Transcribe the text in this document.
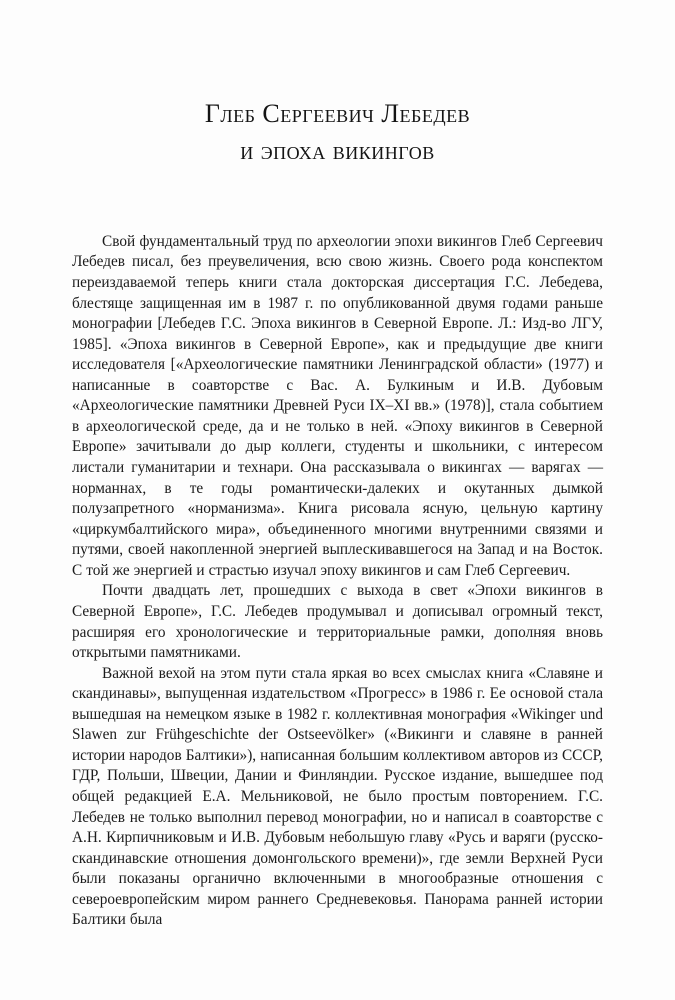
Глеб Сергеевич Лебедев
и эпоха викингов

Свой фундаментальный труд по археологии эпохи викингов Глеб Сергеевич Лебедев писал, без преувеличения, всю свою жизнь. Своего рода конспектом переиздаваемой теперь книги стала докторская диссертация Г.С. Лебедева, блестяще защищенная им в 1987 г. по опубликованной двумя годами раньше монографии [Лебедев Г.С. Эпоха викингов в Северной Европе. Л.: Изд-во ЛГУ, 1985]. «Эпоха викингов в Северной Европе», как и предыдущие две книги исследователя [«Археологические памятники Ленинградской области» (1977) и написанные в соавторстве с Вас. А. Булкиным и И.В. Дубовым «Археологические памятники Древней Руси IX–XI вв.» (1978)], стала событием в археологической среде, да и не только в ней. «Эпоху викингов в Северной Европе» зачитывали до дыр коллеги, студенты и школьники, с интересом листали гуманитарии и технари. Она рассказывала о викингах — варягах — норманнах, в те годы романтически-далеких и окутанных дымкой полузапретного «норманизма». Книга рисовала ясную, цельную картину «циркумбалтийского мира», объединенного многими внутренними связями и путями, своей накопленной энергией выплескивавшегося на Запад и на Восток. С той же энергией и страстью изучал эпоху викингов и сам Глеб Сергеевич.

Почти двадцать лет, прошедших с выхода в свет «Эпохи викингов в Северной Европе», Г.С. Лебедев продумывал и дописывал огромный текст, расширяя его хронологические и территориальные рамки, дополняя вновь открытыми памятниками.

Важной вехой на этом пути стала яркая во всех смыслах книга «Славяне и скандинавы», выпущенная издательством «Прогресс» в 1986 г. Ее основой стала вышедшая на немецком языке в 1982 г. коллективная монография «Wikinger und Slawen zur Frühgeschichte der Ostseevölker» («Викинги и славяне в ранней истории народов Балтики»), написанная большим коллективом авторов из СССР, ГДР, Польши, Швеции, Дании и Финляндии. Русское издание, вышедшее под общей редакцией Е.А. Мельниковой, не было простым повторением. Г.С. Лебедев не только выполнил перевод монографии, но и написал в соавторстве с А.Н. Кирпичниковым и И.В. Дубовым небольшую главу «Русь и варяги (русско-скандинавские отношения домонгольского времени)», где земли Верхней Руси были показаны органично включенными в многообразные отношения с североевропейским миром раннего Средневековья. Панорама ранней истории Балтики была
